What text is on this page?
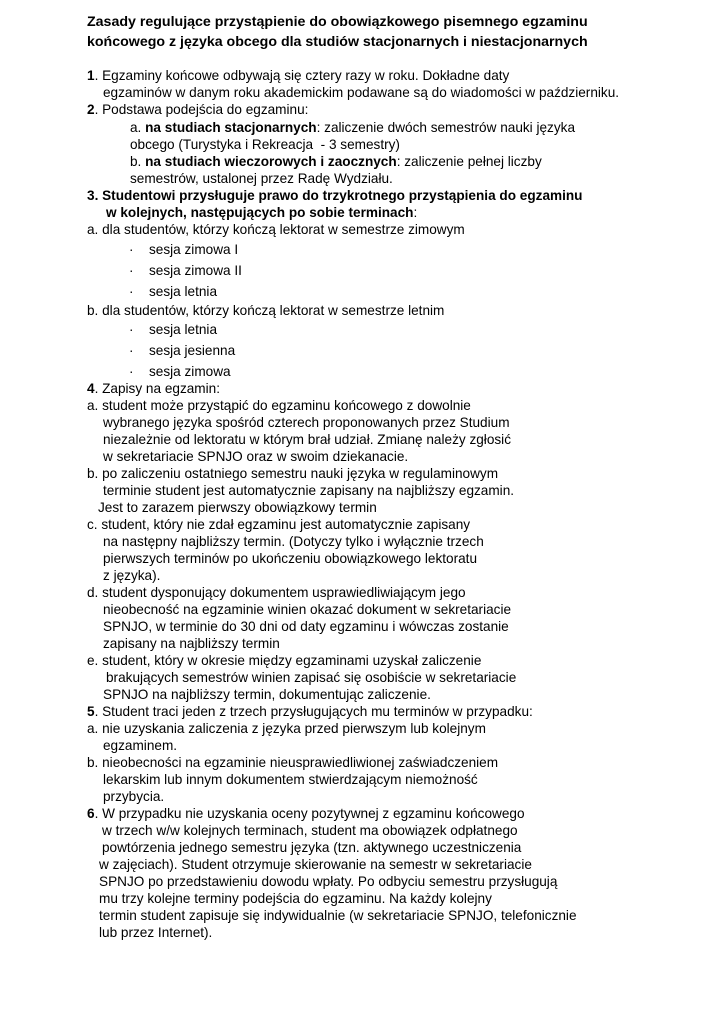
Zasady regulujące przystąpienie do obowiązkowego pisemnego egzaminu
końcowego z języka obcego dla studiów stacjonarnych i niestacjonarnych
1. Egzaminy końcowe odbywają się cztery razy w roku. Dokładne daty
egzaminów w danym roku akademickim podawane są do wiadomości w październiku.
2. Podstawa podejścia do egzaminu:
a. na studiach stacjonarnych: zaliczenie dwóch semestrów nauki języka
obcego (Turystyka i Rekreacja  - 3 semestry)
b. na studiach wieczorowych i zaocznych: zaliczenie pełnej liczby
semestrów, ustalonej przez Radę Wydziału.
3. Studentowi przysługuje prawo do trzykrotnego przystąpienia do egzaminu
w kolejnych, następujących po sobie terminach:
a. dla studentów, którzy kończą lektorat w semestrze zimowym
· sesja zimowa I
· sesja zimowa II
· sesja letnia
b. dla studentów, którzy kończą lektorat w semestrze letnim
· sesja letnia
· sesja jesienna
· sesja zimowa
4. Zapisy na egzamin:
a. student może przystąpić do egzaminu końcowego z dowolnie
wybranego języka spośród czterech proponowanych przez Studium
niezależnie od lektoratu w którym brał udział. Zmianę należy zgłosić
w sekretariacie SPNJO oraz w swoim dziekanacie.
b. po zaliczeniu ostatniego semestru nauki języka w regulaminowym
terminie student jest automatycznie zapisany na najbliższy egzamin.
Jest to zarazem pierwszy obowiązkowy termin
c. student, który nie zdał egzaminu jest automatycznie zapisany
na następny najbliższy termin. (Dotyczy tylko i wyłącznie trzech
pierwszych terminów po ukończeniu obowiązkowego lektoratu
z języka).
d. student dysponujący dokumentem usprawiedliwiającym jego
nieobecność na egzaminie winien okazać dokument w sekretariacie
SPNJO, w terminie do 30 dni od daty egzaminu i wówczas zostanie
zapisany na najbliższy termin
e. student, który w okresie między egzaminami uzyskał zaliczenie
brakujących semestrów winien zapisać się osobiście w sekretariacie
SPNJO na najbliższy termin, dokumentując zaliczenie.
5. Student traci jeden z trzech przysługujących mu terminów w przypadku:
a. nie uzyskania zaliczenia z języka przed pierwszym lub kolejnym
egzaminem.
b. nieobecności na egzaminie nieusprawiedliwionej zaświadczeniem
lekarskim lub innym dokumentem stwierdzającym niemożność
przybycia.
6. W przypadku nie uzyskania oceny pozytywnej z egzaminu końcowego
w trzech w/w kolejnych terminach, student ma obowiązek odpłatnego
powtórzenia jednego semestru języka (tzn. aktywnego uczestniczenia
w zajęciach). Student otrzymuje skierowanie na semestr w sekretariacie
SPNJO po przedstawieniu dowodu wpłaty. Po odbyciu semestru przysługują
mu trzy kolejne terminy podejścia do egzaminu. Na każdy kolejny
termin student zapisuje się indywidualnie (w sekretariacie SPNJO, telefonicznie
lub przez Internet).
